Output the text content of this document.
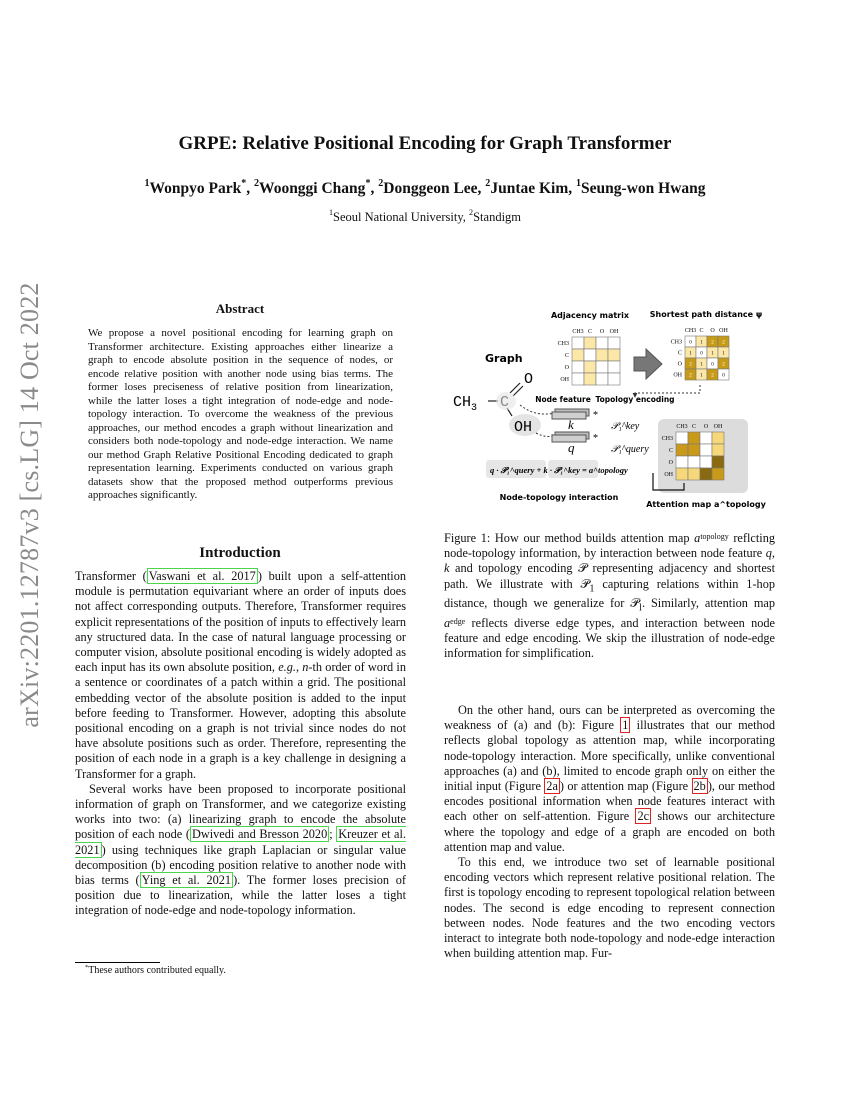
arXiv:2201.12787v3 [cs.LG] 14 Oct 2022
GRPE: Relative Positional Encoding for Graph Transformer
$^1$Wonpyo Park*, $^2$Woonggi Chang*, $^2$Donggeon Lee, $^2$Juntae Kim, $^1$Seung-won Hwang
$^1$Seoul National University, $^2$Standigm
Abstract
We propose a novel positional encoding for learning graph on Transformer architecture. Existing approaches either linearize a graph to encode absolute position in the sequence of nodes, or encode relative position with another node using bias terms. The former loses preciseness of relative position from linearization, while the latter loses a tight integration of node-edge and node-topology interaction. To overcome the weakness of the previous approaches, our method encodes a graph without linearization and considers both node-topology and node-edge interaction. We name our method Graph Relative Positional Encoding dedicated to graph representation learning. Experiments conducted on various graph datasets show that the proposed method outperforms previous approaches significantly.
Introduction

Transformer ( Vaswani et al. 2017 ) built upon a self-attention module is permutation equivariant where an order of inputs does not affect corresponding outputs. Therefore, Transformer requires explicit representations of the position of inputs to effectively learn any structured data. In the case of natural language processing or computer vision, absolute positional encoding is widely adopted as each input has its own absolute position, e.g., n-th order of word in a sentence or coordinates of a patch within a grid. The positional embedding vector of the absolute position is added to the input before feeding to Transformer. However, adopting this absolute positional encoding on a graph is not trivial since nodes do not have absolute positions such as order. Therefore, representing the position of each node in a graph is a key challenge in designing a Transformer for a graph.

Several works have been proposed to incorporate positional information of graph on Transformer, and we categorize existing works into two: (a) linearizing graph to encode the absolute position of each node ( Dwivedi and Bresson 2020 ; Kreuzer et al. 2021 ) using techniques like graph Laplacian or singular value decomposition (b) encoding position relative to another node with bias terms ( Ying et al. 2021 ). The former loses precision of position due to linearization, while the latter loses a tight integration of node-edge and node-topology information.

*These authors contributed equally.
Adjacency matrix	Shortest path distance ψ
CH3
CH3
C
C
O
O
OH
OH
CH3
CH3
C
C
O
O
OH
OH
0 1 2 2
1 0 1 1
2 1 0 2
2 1 2 0
Graph
$CH_3$
O
OH
Node feature Topology encoding
k
*
𝒫₁^key
q
*
𝒫₁^query
CH3
CH3
C
C
O
O
OH
OH
q · 𝒫₁^query + k · 𝒫₁^key = a^topology
Node-topology interaction
Attention map a^topology
Figure 1: How our method builds attention map $a^{topology}$ reflcting node-topology information, by interaction between node feature q, k and topology encoding 𝒫 representing adjacency and shortest path. We illustrate with 𝒫$_1$ capturing relations within 1-hop distance, though we generalize for 𝒫$_l$. Similarly, attention map $a^{edge}$ reflects diverse edge types, and interaction between node feature and edge encoding. We skip the illustration of node-edge information for simplification.

On the other hand, ours can be interpreted as overcoming the weakness of (a) and (b): Figure 1 illustrates that our method reflects global topology as attention map, while incorporating node-topology interaction. More specifically, unlike conventional approaches (a) and (b), limited to encode graph only on either the initial input (Figure 2a ) or attention map (Figure 2b ), our method encodes positional information when node features interact with each other on self-attention. Figure 2c shows our architecture where the topology and edge of a graph are encoded on both attention map and value.

To this end, we introduce two set of learnable positional encoding vectors which represent relative positional relation. The first is topology encoding to represent topological relation between nodes. The second is edge encoding to represent connection between nodes. Node features and the two encoding vectors interact to integrate both node-topology and node-edge interaction when building attention map. Fur-
